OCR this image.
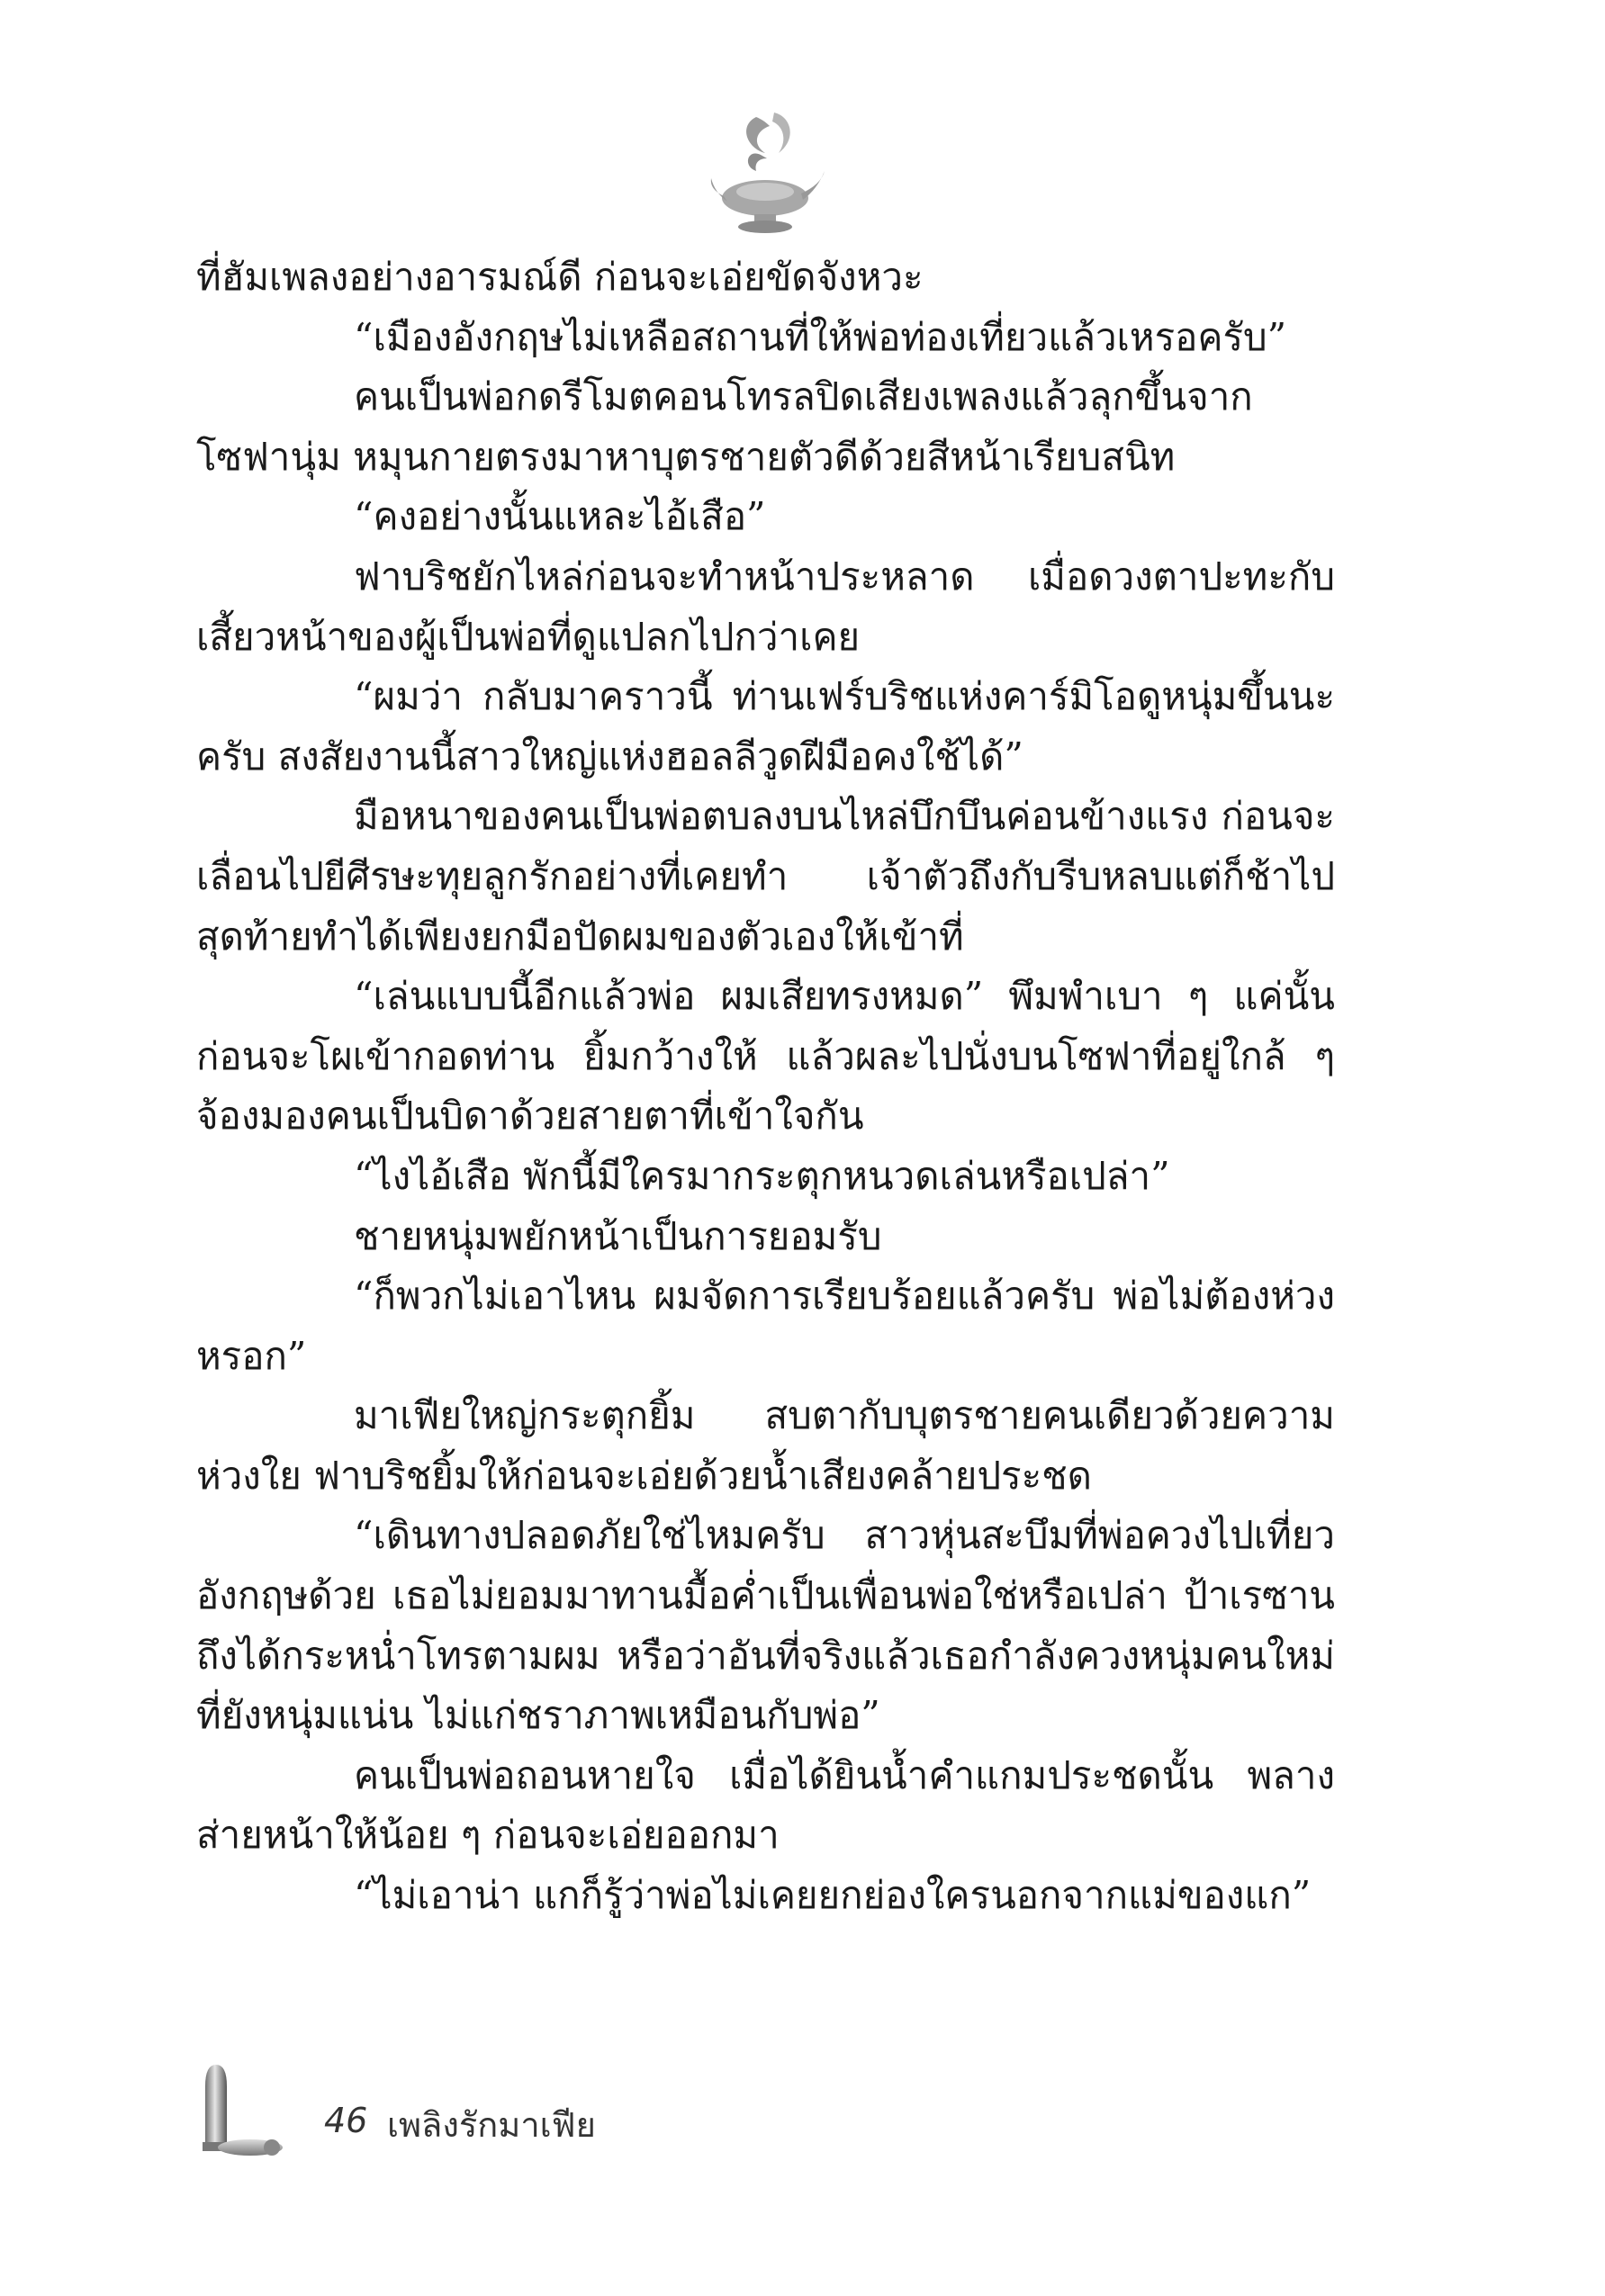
ที่ฮัมเพลงอย่างอารมณ์ดี ก่อนจะเอ่ยขัดจังหวะ

“เมืองอังกฤษไม่เหลือสถานที่ให้พ่อท่องเที่ยวแล้วเหรอครับ”

คนเป็นพ่อกดรีโมตคอนโทรลปิดเสียงเพลงแล้วลุกขึ้นจากโซฟานุ่ม หมุนกายตรงมาหาบุตรชายตัวดีด้วยสีหน้าเรียบสนิท

“คงอย่างนั้นแหละไอ้เสือ”

ฟาบริชยักไหล่ก่อนจะทำหน้าประหลาด เมื่อดวงตาปะทะกับเสี้ยวหน้าของผู้เป็นพ่อที่ดูแปลกไปกว่าเคย

“ผมว่า กลับมาคราวนี้ ท่านเฟร์บริชแห่งคาร์มิโอดูหนุ่มขึ้นนะครับ สงสัยงานนี้สาวใหญ่แห่งฮอลลีวูดฝีมือคงใช้ได้”

มือหนาของคนเป็นพ่อตบลงบนไหล่บึกบึนค่อนข้างแรง ก่อนจะเลื่อนไปยีศีรษะทุยลูกรักอย่างที่เคยทำ เจ้าตัวถึงกับรีบหลบแต่ก็ช้าไป สุดท้ายทำได้เพียงยกมือปัดผมของตัวเองให้เข้าที่

“เล่นแบบนี้อีกแล้วพ่อ ผมเสียทรงหมด” พึมพำเบา ๆ แค่นั้น ก่อนจะโผเข้ากอดท่าน ยิ้มกว้างให้ แล้วผละไปนั่งบนโซฟาที่อยู่ใกล้ ๆ จ้องมองคนเป็นบิดาด้วยสายตาที่เข้าใจกัน

“ไงไอ้เสือ พักนี้มีใครมากระตุกหนวดเล่นหรือเปล่า”

ชายหนุ่มพยักหน้าเป็นการยอมรับ

“ก็พวกไม่เอาไหน ผมจัดการเรียบร้อยแล้วครับ พ่อไม่ต้องห่วงหรอก”

มาเฟียใหญ่กระตุกยิ้ม สบตากับบุตรชายคนเดียวด้วยความห่วงใย ฟาบริชยิ้มให้ก่อนจะเอ่ยด้วยน้ำเสียงคล้ายประชด

“เดินทางปลอดภัยใช่ไหมครับ สาวหุ่นสะบึมที่พ่อควงไปเที่ยวอังกฤษด้วย เธอไม่ยอมมาทานมื้อค่ำเป็นเพื่อนพ่อใช่หรือเปล่า ป้าเรซานถึงได้กระหน่ำโทรตามผม หรือว่าอันที่จริงแล้วเธอกำลังควงหนุ่มคนใหม่ที่ยังหนุ่มแน่น ไม่แก่ชราภาพเหมือนกับพ่อ”

คนเป็นพ่อถอนหายใจ เมื่อได้ยินน้ำคำแกมประชดนั้น พลางส่ายหน้าให้น้อย ๆ ก่อนจะเอ่ยออกมา

“ไม่เอาน่า แกก็รู้ว่าพ่อไม่เคยยกย่องใครนอกจากแม่ของแก”

46 เพลิงรักมาเฟีย
